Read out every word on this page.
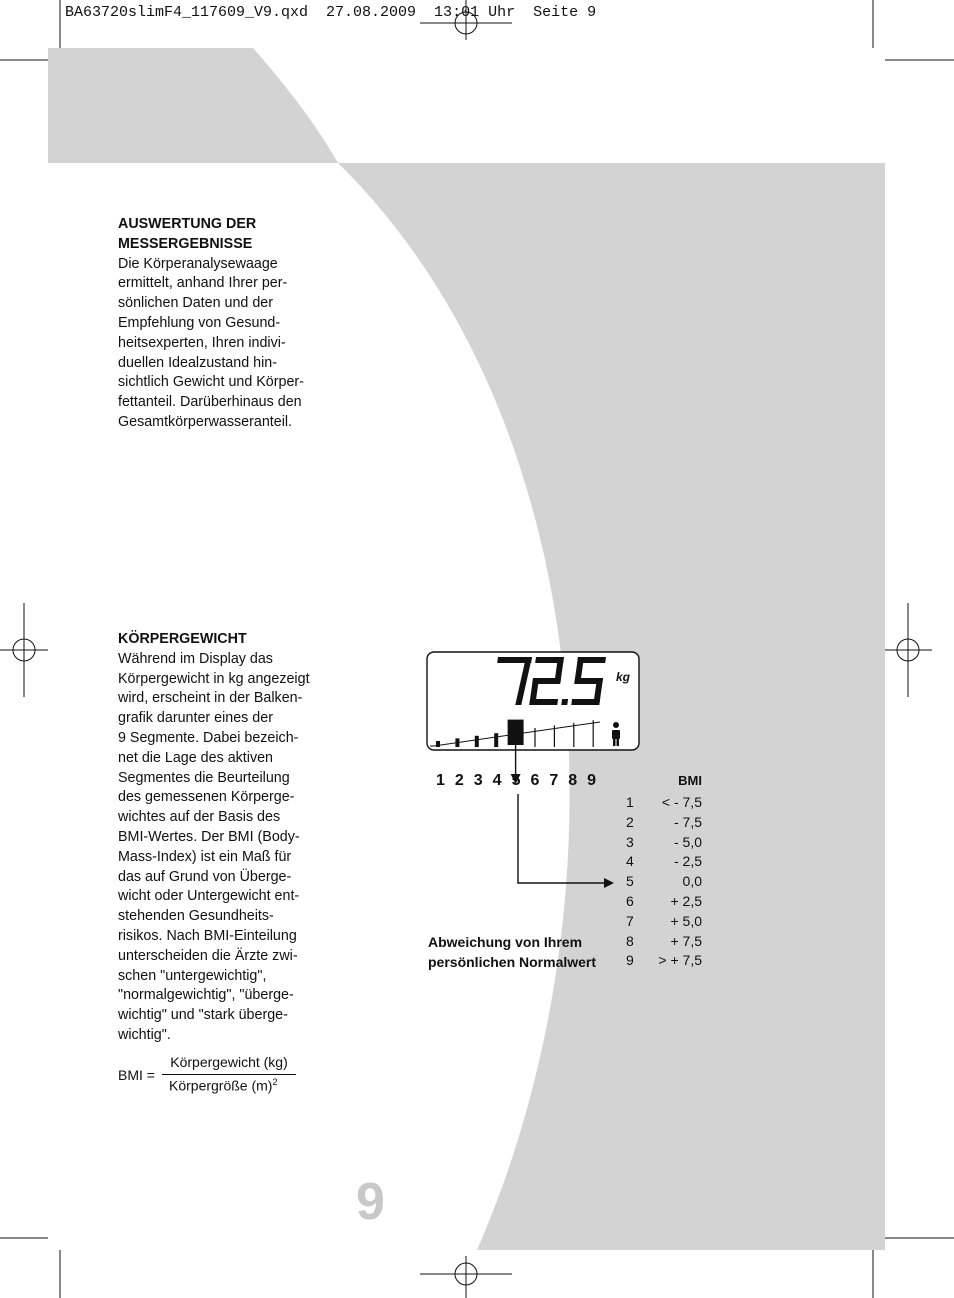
BA63720slimF4_117609_V9.qxd  27.08.2009  13:01 Uhr  Seite 9

AUSWERTUNG DER
MESSERGEBNISSE

Die Körperanalysewaage
ermittelt, anhand Ihrer per-
sönlichen Daten und der
Empfehlung von Gesund-
heitsexperten, Ihren indivi-
duellen Idealzustand hin-
sichtlich Gewicht und Körper-
fettanteil. Darüberhinaus den
Gesamtkörperwasseranteil.

KÖRPERGEWICHT

Während im Display das
Körpergewicht in kg angezeigt
wird, erscheint in der Balken-
grafik darunter eines der
9 Segmente. Dabei bezeich-
net die Lage des aktiven
Segmentes die Beurteilung
des gemessenen Körperge-
wichtes auf der Basis des
BMI-Wertes. Der BMI (Body-
Mass-Index) ist ein Maß für
das auf Grund von Überge-
wicht oder Untergewicht ent-
stehenden Gesundheits-
risikos. Nach BMI-Einteilung
unterscheiden die Ärzte zwi-
schen "untergewichtig",
"normalgewichtig", "überge-
wichtig" und "stark überge-
wichtig".

BMI =
Körpergewicht (kg)
Körpergröße $(m)^2$
kg
1 2 3 4 5 6 7 8 9	BMI
1	< - 7,5
2	- 7,5
3	- 5,0
4	- 2,5
5	0,0
6	+ 2,5
7	+ 5,0
8	+ 7,5
9	> + 7,5
Abweichung von Ihrem
persönlichen Normalwert
9
